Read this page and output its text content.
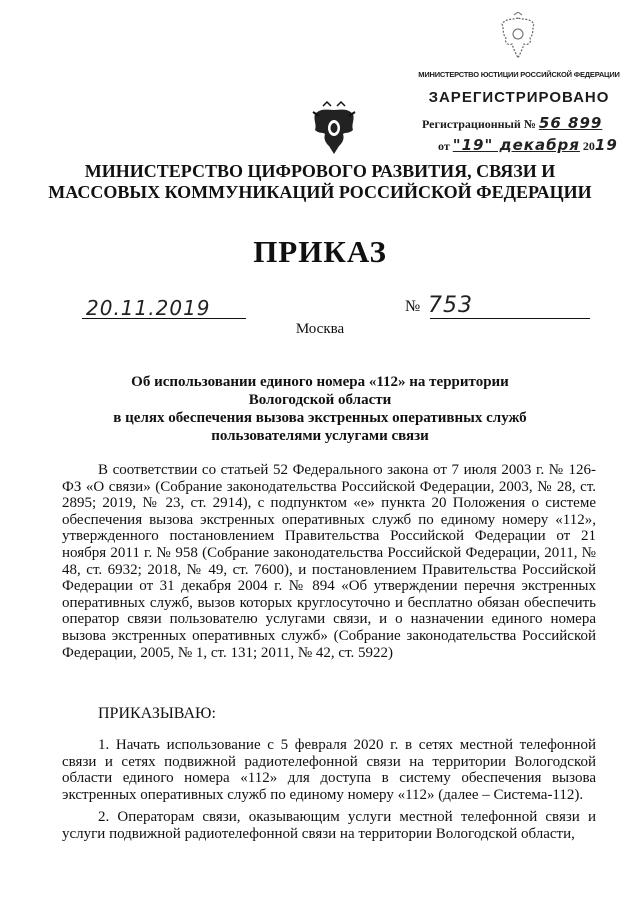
МИНИСТЕРСТВО ЮСТИЦИИ РОССИЙСКОЙ ФЕДЕРАЦИИ
ЗАРЕГИСТРИРОВАНО
Регистрационный № 56 899
от "19" декабря 2019
МИНИСТЕРСТВО ЦИФРОВОГО РАЗВИТИЯ, СВЯЗИ И
МАССОВЫХ КОММУНИКАЦИЙ РОССИЙСКОЙ ФЕДЕРАЦИИ
ПРИКАЗ
20.11.2019	№ 753
Москва
Об использовании единого номера «112» на территории Вологодской области
в целях обеспечения вызова экстренных оперативных служб
пользователями услугами связи
В соответствии со статьей 52 Федерального закона от 7 июля 2003 г. № 126-ФЗ «О связи» (Собрание законодательства Российской Федерации, 2003, № 28, ст. 2895; 2019, № 23, ст. 2914), с подпунктом «е» пункта 20 Положения о системе обеспечения вызова экстренных оперативных служб по единому номеру «112», утвержденного постановлением Правительства Российской Федерации от 21 ноября 2011 г. № 958 (Собрание законодательства Российской Федерации, 2011, № 48, ст. 6932; 2018, № 49, ст. 7600), и постановлением Правительства Российской Федерации от 31 декабря 2004 г. № 894 «Об утверждении перечня экстренных оперативных служб, вызов которых круглосуточно и бесплатно обязан обеспечить оператор связи пользователю услугами связи, и о назначении единого номера вызова экстренных оперативных служб» (Собрание законодательства Российской Федерации, 2005, № 1, ст. 131; 2011, № 42, ст. 5922)
ПРИКАЗЫВАЮ:
1. Начать использование с 5 февраля 2020 г. в сетях местной телефонной связи и сетях подвижной радиотелефонной связи на территории Вологодской области единого номера «112» для доступа в систему обеспечения вызова экстренных оперативных служб по единому номеру «112» (далее – Система-112).
2. Операторам связи, оказывающим услуги местной телефонной связи и услуги подвижной радиотелефонной связи на территории Вологодской области,
